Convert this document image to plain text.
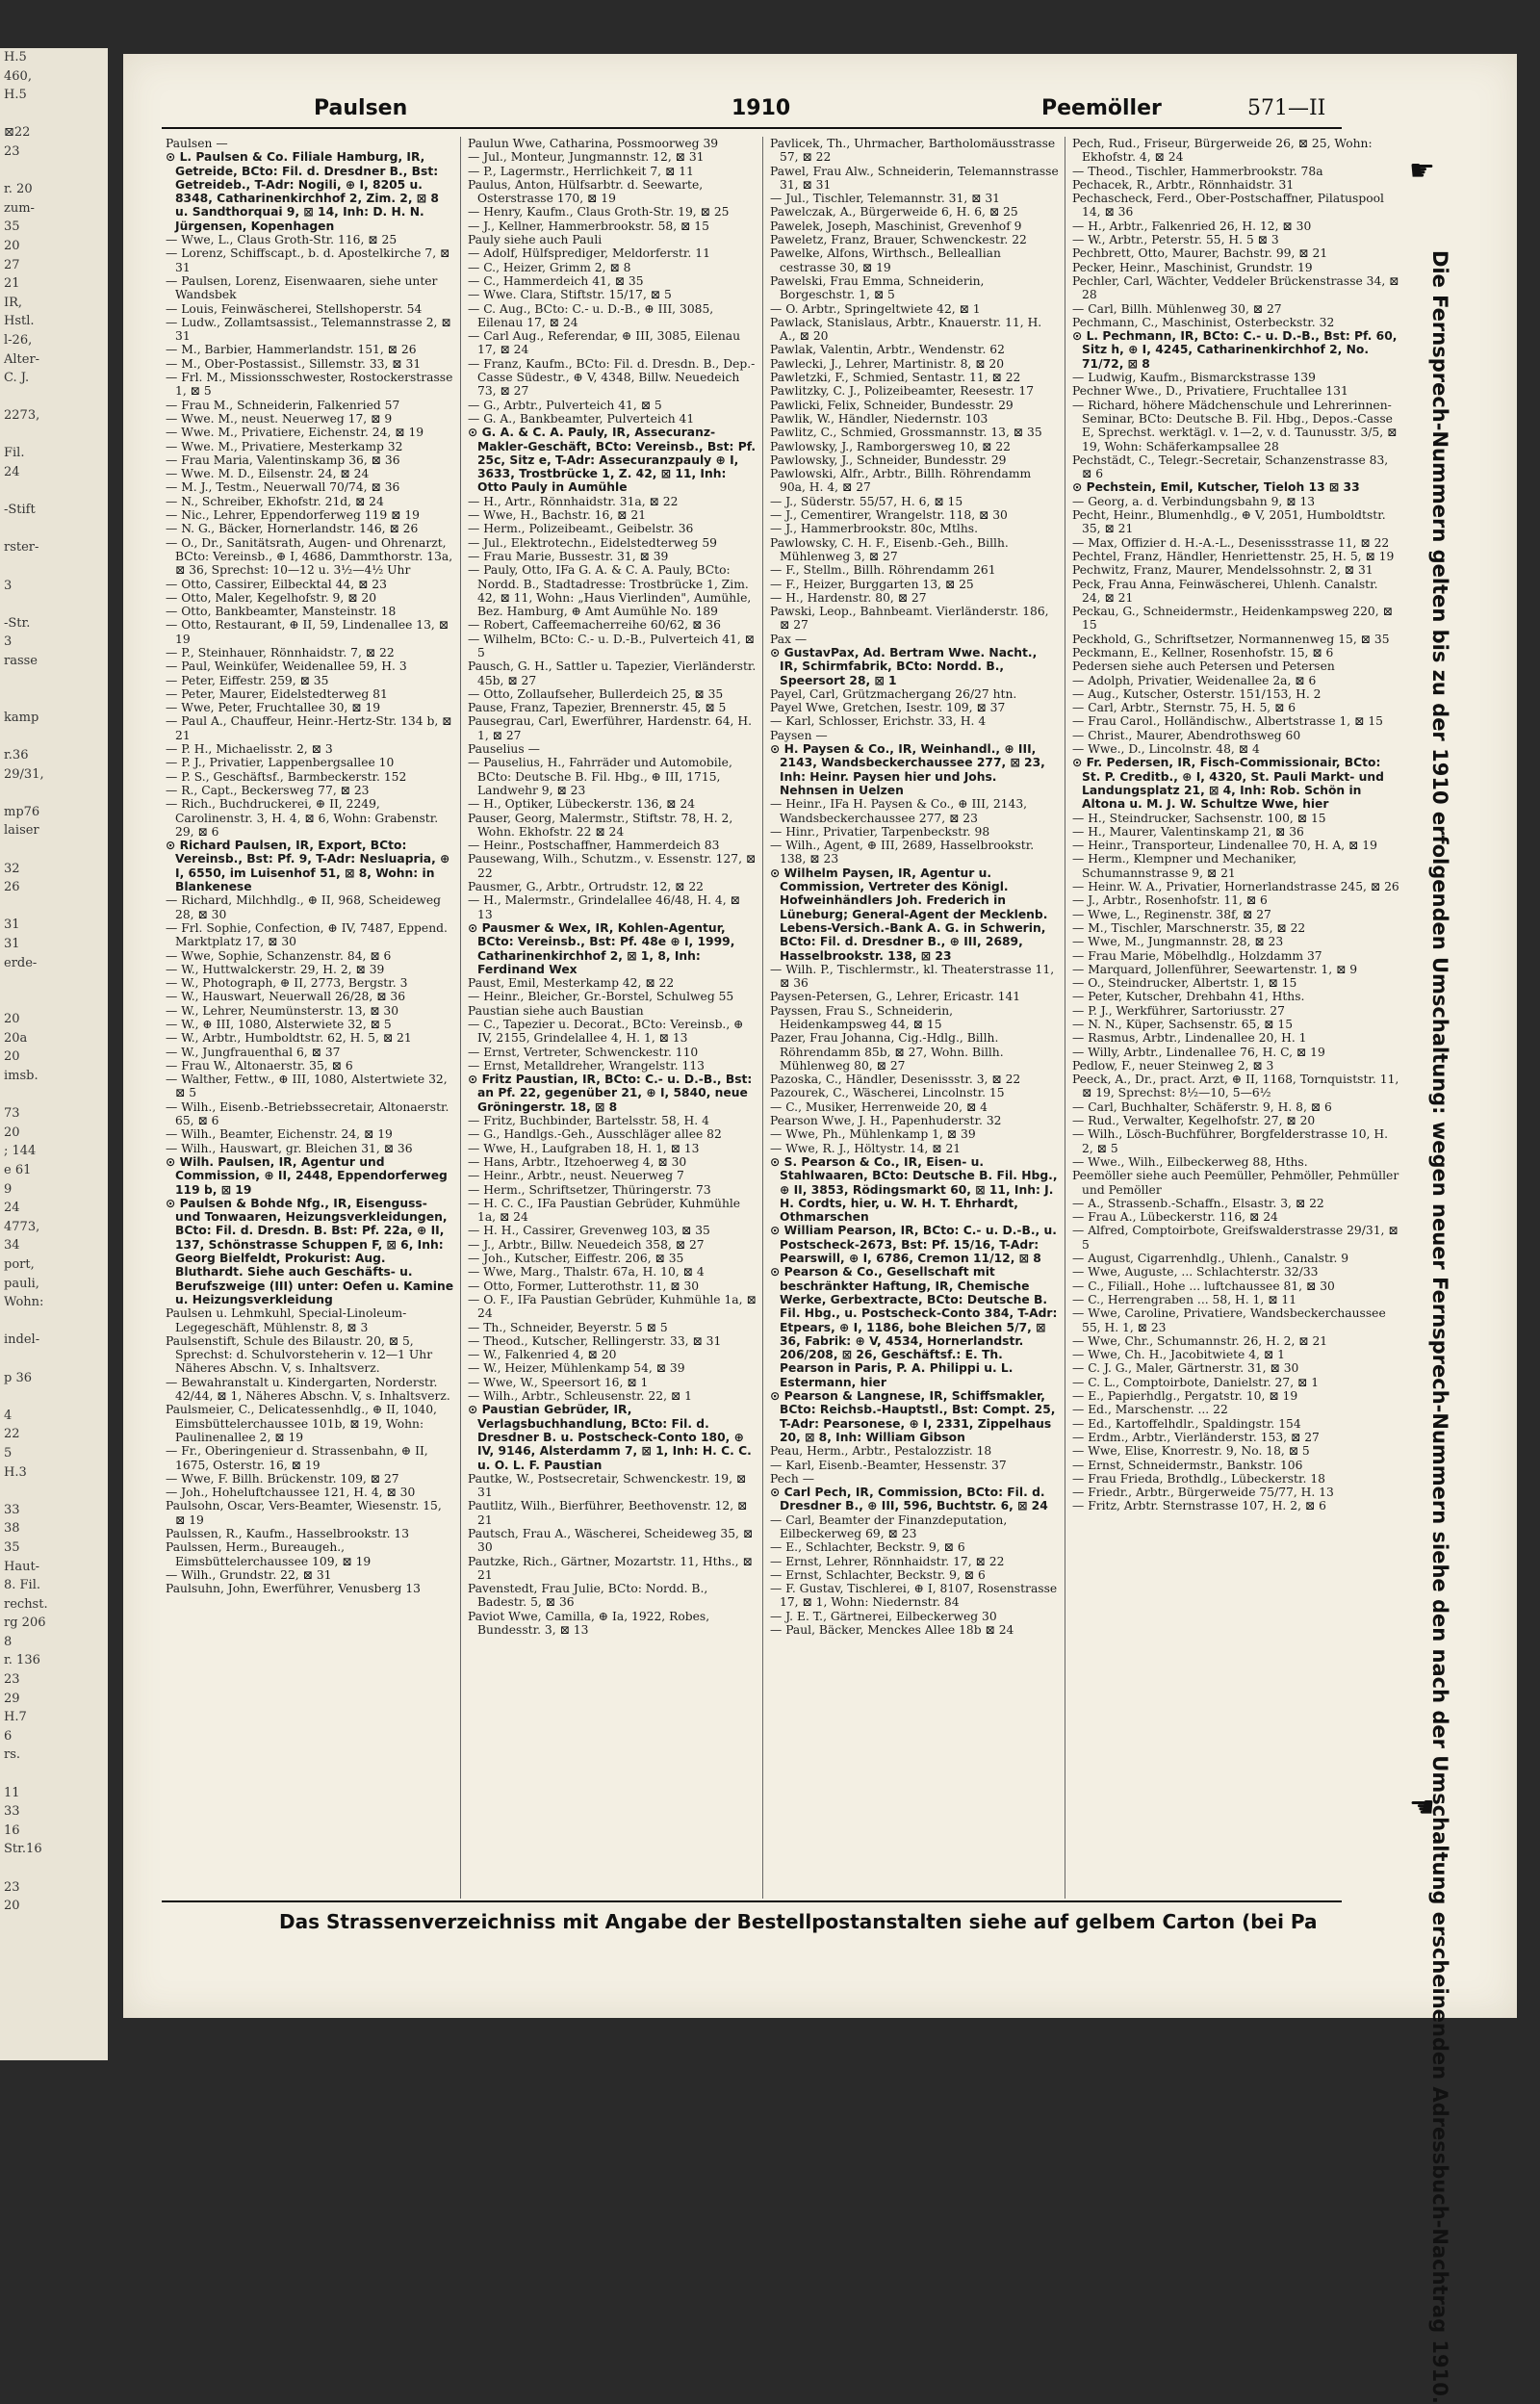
H.5
460,
H.5

⊠22
23

r. 20
zum-
35
20
27
21
IR,
Hstl.
l-26,
Alter-
C. J.

2273,

Fil.
24

-Stift

rster-

3

-Str.
3
rasse

kamp

r.36
29/31,

mp76
laiser

32
26

31
31
erde-

20
20a
20
imsb.

73
20
; 144
e 61
9
24
4773,
34
port,
pauli,
Wohn:

indel-

p 36

4
22
5
H.3

33
38
35
Haut-
8. Fil.
rechst.
rg 206
8
r. 136
23
29
H.7
6
rs.

11
33
16
Str.16

23
20
Paulsen	1910	Peemöller	571—II

Paulsen —

⊙ L. Paulsen & Co. Filiale Hamburg, IR, Getreide, BCto: Fil. d. Dresdner B., Bst: Getreideb., T-Adr: Nogili, ⊕ I, 8205 u. 8348, Catharinenkirchhof 2, Zim. 2, ⊠ 8 u. Sandthorquai 9, ⊠ 14, Inh: D. H. N. Jürgensen, Kopenhagen

— Wwe, L., Claus Groth-Str. 116, ⊠ 25

— Lorenz, Schiffscapt., b. d. Apostelkirche 7, ⊠ 31

— Paulsen, Lorenz, Eisenwaaren, siehe unter Wandsbek

— Louis, Feinwäscherei, Stellshoperstr. 54

— Ludw., Zollamtsassist., Telemannstrasse 2, ⊠ 31

— M., Barbier, Hammerlandstr. 151, ⊠ 26

— M., Ober-Postassist., Sillemstr. 33, ⊠ 31

— Frl. M., Missionsschwester, Rostockerstrasse 1, ⊠ 5

— Frau M., Schneiderin, Falkenried 57

— Wwe. M., neust. Neuerweg 17, ⊠ 9

— Wwe. M., Privatiere, Eichenstr. 24, ⊠ 19

— Wwe. M., Privatiere, Mesterkamp 32

— Frau Maria, Valentinskamp 36, ⊠ 36

— Wwe. M. D., Eilsenstr. 24, ⊠ 24

— M. J., Testm., Neuerwall 70/74, ⊠ 36

— N., Schreiber, Ekhofstr. 21d, ⊠ 24

— Nic., Lehrer, Eppendorferweg 119 ⊠ 19

— N. G., Bäcker, Hornerlandstr. 146, ⊠ 26

— O., Dr., Sanitätsrath, Augen- und Ohrenarzt, BCto: Vereinsb., ⊕ I, 4686, Dammthorstr. 13a, ⊠ 36, Sprechst: 10—12 u. 3½—4½ Uhr

— Otto, Cassirer, Eilbecktal 44, ⊠ 23

— Otto, Maler, Kegelhofstr. 9, ⊠ 20

— Otto, Bankbeamter, Mansteinstr. 18

— Otto, Restaurant, ⊕ II, 59, Lindenallee 13, ⊠ 19

— P., Steinhauer, Rönnhaidstr. 7, ⊠ 22

— Paul, Weinküfer, Weidenallee 59, H. 3

— Peter, Eiffestr. 259, ⊠ 35

— Peter, Maurer, Eidelstedterweg 81

— Wwe, Peter, Fruchtallee 30, ⊠ 19

— Paul A., Chauffeur, Heinr.-Hertz-Str. 134 b, ⊠ 21

— P. H., Michaelisstr. 2, ⊠ 3

— P. J., Privatier, Lappenbergsallee 10

— P. S., Geschäftsf., Barmbeckerstr. 152

— R., Capt., Beckersweg 77, ⊠ 23

— Rich., Buchdruckerei, ⊕ II, 2249, Carolinenstr. 3, H. 4, ⊠ 6, Wohn: Grabenstr. 29, ⊠ 6

⊙ Richard Paulsen, IR, Export, BCto: Vereinsb., Bst: Pf. 9, T-Adr: Nesluapria, ⊕ I, 6550, im Luisenhof 51, ⊠ 8, Wohn: in Blankenese

— Richard, Milchhdlg., ⊕ II, 968, Scheideweg 28, ⊠ 30

— Frl. Sophie, Confection, ⊕ IV, 7487, Eppend. Marktplatz 17, ⊠ 30

— Wwe, Sophie, Schanzenstr. 84, ⊠ 6

— W., Huttwalckerstr. 29, H. 2, ⊠ 39

— W., Photograph, ⊕ II, 2773, Bergstr. 3

— W., Hauswart, Neuerwall 26/28, ⊠ 36

— W., Lehrer, Neumünsterstr. 13, ⊠ 30

— W., ⊕ III, 1080, Alsterwiete 32, ⊠ 5

— W., Arbtr., Humboldtstr. 62, H. 5, ⊠ 21

— W., Jungfrauenthal 6, ⊠ 37

— Frau W., Altonaerstr. 35, ⊠ 6

— Walther, Fettw., ⊕ III, 1080, Alstertwiete 32, ⊠ 5

— Wilh., Eisenb.-Betriebssecretair, Altonaerstr. 65, ⊠ 6

— Wilh., Beamter, Eichenstr. 24, ⊠ 19

— Wilh., Hauswart, gr. Bleichen 31, ⊠ 36

⊙ Wilh. Paulsen, IR, Agentur und Commission, ⊕ II, 2448, Eppendorferweg 119 b, ⊠ 19

⊙ Paulsen & Bohde Nfg., IR, Eisenguss- und Tonwaaren, Heizungsverkleidungen, BCto: Fil. d. Dresdn. B. Bst: Pf. 22a, ⊕ II, 137, Schönstrasse Schuppen F, ⊠ 6, Inh: Georg Bielfeldt, Prokurist: Aug. Bluthardt. Siehe auch Geschäfts- u. Berufszweige (III) unter: Oefen u. Kamine u. Heizungsverkleidung

Paulsen u. Lehmkuhl, Special-Linoleum-Legegeschäft, Mühlenstr. 8, ⊠ 3

Paulsenstift, Schule des Bilaustr. 20, ⊠ 5, Sprechst: d. Schulvorsteherin v. 12—1 Uhr Näheres Abschn. V, s. Inhaltsverz.

— Bewahranstalt u. Kindergarten, Norderstr. 42/44, ⊠ 1, Näheres Abschn. V, s. Inhaltsverz.

Paulsmeier, C., Delicatessenhdlg., ⊕ II, 1040, Eimsbüttelerchaussee 101b, ⊠ 19, Wohn: Paulinenallee 2, ⊠ 19

— Fr., Oberingenieur d. Strassenbahn, ⊕ II, 1675, Osterstr. 16, ⊠ 19

— Wwe, F. Billh. Brückenstr. 109, ⊠ 27

— Joh., Hoheluftchaussee 121, H. 4, ⊠ 30

Paulsohn, Oscar, Vers-Beamter, Wiesenstr. 15, ⊠ 19

Paulssen, R., Kaufm., Hasselbrookstr. 13

Paulssen, Herm., Bureaugeh., Eimsbüttelerchaussee 109, ⊠ 19

— Wilh., Grundstr. 22, ⊠ 31

Paulsuhn, John, Ewerführer, Venusberg 13

Paulun Wwe, Catharina, Possmoorweg 39

— Jul., Monteur, Jungmannstr. 12, ⊠ 31

— P., Lagermstr., Herrlichkeit 7, ⊠ 11

Paulus, Anton, Hülfsarbtr. d. Seewarte, Osterstrasse 170, ⊠ 19

— Henry, Kaufm., Claus Groth-Str. 19, ⊠ 25

— J., Kellner, Hammerbrookstr. 58, ⊠ 15

Pauly siehe auch Pauli

— Adolf, Hülfsprediger, Meldorferstr. 11

— C., Heizer, Grimm 2, ⊠ 8

— C., Hammerdeich 41, ⊠ 35

— Wwe. Clara, Stiftstr. 15/17, ⊠ 5

— C. Aug., BCto: C.- u. D.-B., ⊕ III, 3085, Eilenau 17, ⊠ 24

— Carl Aug., Referendar, ⊕ III, 3085, Eilenau 17, ⊠ 24

— Franz, Kaufm., BCto: Fil. d. Dresdn. B., Dep.-Casse Südestr., ⊕ V, 4348, Billw. Neuedeich 73, ⊠ 27

— G., Arbtr., Pulverteich 41, ⊠ 5

— G. A., Bankbeamter, Pulverteich 41

⊙ G. A. & C. A. Pauly, IR, Assecuranz-Makler-Geschäft, BCto: Vereinsb., Bst: Pf. 25c, Sitz e, T-Adr: Assecuranzpauly ⊕ I, 3633, Trostbrücke 1, Z. 42, ⊠ 11, Inh: Otto Pauly in Aumühle

— H., Artr., Rönnhaidstr. 31a, ⊠ 22

— Wwe, H., Bachstr. 16, ⊠ 21

— Herm., Polizeibeamt., Geibelstr. 36

— Jul., Elektrotechn., Eidelstedterweg 59

— Frau Marie, Bussestr. 31, ⊠ 39

— Pauly, Otto, IFa G. A. & C. A. Pauly, BCto: Nordd. B., Stadtadresse: Trostbrücke 1, Zim. 42, ⊠ 11, Wohn: „Haus Vierlinden", Aumühle, Bez. Hamburg, ⊕ Amt Aumühle No. 189

— Robert, Caffeemacherreihe 60/62, ⊠ 36

— Wilhelm, BCto: C.- u. D.-B., Pulverteich 41, ⊠ 5

Pausch, G. H., Sattler u. Tapezier, Vierländerstr. 45b, ⊠ 27

— Otto, Zollaufseher, Bullerdeich 25, ⊠ 35

Pause, Franz, Tapezier, Brennerstr. 45, ⊠ 5

Pausegrau, Carl, Ewerführer, Hardenstr. 64, H. 1, ⊠ 27

Pauselius —

— Pauselius, H., Fahrräder und Automobile, BCto: Deutsche B. Fil. Hbg., ⊕ III, 1715, Landwehr 9, ⊠ 23

— H., Optiker, Lübeckerstr. 136, ⊠ 24

Pauser, Georg, Malermstr., Stiftstr. 78, H. 2, Wohn. Ekhofstr. 22 ⊠ 24

— Heinr., Postschaffner, Hammerdeich 83

Pausewang, Wilh., Schutzm., v. Essenstr. 127, ⊠ 22

Pausmer, G., Arbtr., Ortrudstr. 12, ⊠ 22

— H., Malermstr., Grindelallee 46/48, H. 4, ⊠ 13

⊙ Pausmer & Wex, IR, Kohlen-Agentur, BCto: Vereinsb., Bst: Pf. 48e ⊕ I, 1999, Catharinenkirchhof 2, ⊠ 1, 8, Inh: Ferdinand Wex

Paust, Emil, Mesterkamp 42, ⊠ 22

— Heinr., Bleicher, Gr.-Borstel, Schulweg 55

Paustian siehe auch Baustian

— C., Tapezier u. Decorat., BCto: Vereinsb., ⊕ IV, 2155, Grindelallee 4, H. 1, ⊠ 13

— Ernst, Vertreter, Schwenckestr. 110

— Ernst, Metalldreher, Wrangelstr. 113

⊙ Fritz Paustian, IR, BCto: C.- u. D.-B., Bst: an Pf. 22, gegenüber 21, ⊕ I, 5840, neue Gröningerstr. 18, ⊠ 8

— Fritz, Buchbinder, Bartelsstr. 58, H. 4

— G., Handlgs.-Geh., Ausschläger allee 82

— Wwe, H., Laufgraben 18, H. 1, ⊠ 13

— Hans, Arbtr., Itzehoerweg 4, ⊠ 30

— Heinr., Arbtr., neust. Neuerweg 7

— Herm., Schriftsetzer, Thüringerstr. 73

— H. C. C., IFa Paustian Gebrüder, Kuhmühle 1a, ⊠ 24

— H. H., Cassirer, Grevenweg 103, ⊠ 35

— J., Arbtr., Billw. Neuedeich 358, ⊠ 27

— Joh., Kutscher, Eiffestr. 206, ⊠ 35

— Wwe, Marg., Thalstr. 67a, H. 10, ⊠ 4

— Otto, Former, Lutterothstr. 11, ⊠ 30

— O. F., IFa Paustian Gebrüder, Kuhmühle 1a, ⊠ 24

— Th., Schneider, Beyerstr. 5 ⊠ 5

— Theod., Kutscher, Rellingerstr. 33, ⊠ 31

— W., Falkenried 4, ⊠ 20

— W., Heizer, Mühlenkamp 54, ⊠ 39

— Wwe, W., Speersort 16, ⊠ 1

— Wilh., Arbtr., Schleusenstr. 22, ⊠ 1

⊙ Paustian Gebrüder, IR, Verlagsbuchhandlung, BCto: Fil. d. Dresdner B. u. Postscheck-Conto 180, ⊕ IV, 9146, Alsterdamm 7, ⊠ 1, Inh: H. C. C. u. O. L. F. Paustian

Pautke, W., Postsecretair, Schwenckestr. 19, ⊠ 31

Pautlitz, Wilh., Bierführer, Beethovenstr. 12, ⊠ 21

Pautsch, Frau A., Wäscherei, Scheideweg 35, ⊠ 30

Pautzke, Rich., Gärtner, Mozartstr. 11, Hths., ⊠ 21

Pavenstedt, Frau Julie, BCto: Nordd. B., Badestr. 5, ⊠ 36

Paviot Wwe, Camilla, ⊕ Ia, 1922, Robes, Bundesstr. 3, ⊠ 13

Pavlicek, Th., Uhrmacher, Bartholomäusstrasse 57, ⊠ 22

Pawel, Frau Alw., Schneiderin, Telemannstrasse 31, ⊠ 31

— Jul., Tischler, Telemannstr. 31, ⊠ 31

Pawelczak, A., Bürgerweide 6, H. 6, ⊠ 25

Pawelek, Joseph, Maschinist, Grevenhof 9

Paweletz, Franz, Brauer, Schwenckestr. 22

Pawelke, Alfons, Wirthsch., Belleallian cestrasse 30, ⊠ 19

Pawelski, Frau Emma, Schneiderin, Borgeschstr. 1, ⊠ 5

— O. Arbtr., Springeltwiete 42, ⊠ 1

Pawlack, Stanislaus, Arbtr., Knauerstr. 11, H. A., ⊠ 20

Pawlak, Valentin, Arbtr., Wendenstr. 62

Pawlecki, J., Lehrer, Martinistr. 8, ⊠ 20

Pawletzki, F., Schmied, Sentastr. 11, ⊠ 22

Pawlitzky, C. J., Polizeibeamter, Reesestr. 17

Pawlicki, Felix, Schneider, Bundesstr. 29

Pawlik, W., Händler, Niedernstr. 103

Pawlitz, C., Schmied, Grossmannstr. 13, ⊠ 35

Pawlowsky, J., Ramborgersweg 10, ⊠ 22

Pawlowsky, J., Schneider, Bundesstr. 29

Pawlowski, Alfr., Arbtr., Billh. Röhrendamm 90a, H. 4, ⊠ 27

— J., Süderstr. 55/57, H. 6, ⊠ 15

— J., Cementirer, Wrangelstr. 118, ⊠ 30

— J., Hammerbrookstr. 80c, Mtlhs.

Pawlowsky, C. H. F., Eisenb.-Geh., Billh. Mühlenweg 3, ⊠ 27

— F., Stellm., Billh. Röhrendamm 261

— F., Heizer, Burggarten 13, ⊠ 25

— H., Hardenstr. 80, ⊠ 27

Pawski, Leop., Bahnbeamt. Vierländerstr. 186, ⊠ 27

Pax —

⊙ GustavPax, Ad. Bertram Wwe. Nacht., IR, Schirmfabrik, BCto: Nordd. B., Speersort 28, ⊠ 1

Payel, Carl, Grützmachergang 26/27 htn.

Payel Wwe, Gretchen, Isestr. 109, ⊠ 37

— Karl, Schlosser, Erichstr. 33, H. 4

Paysen —

⊙ H. Paysen & Co., IR, Weinhandl., ⊕ III, 2143, Wandsbeckerchaussee 277, ⊠ 23, Inh: Heinr. Paysen hier und Johs. Nehnsen in Uelzen

— Heinr., IFa H. Paysen & Co., ⊕ III, 2143, Wandsbeckerchaussee 277, ⊠ 23

— Hinr., Privatier, Tarpenbeckstr. 98

— Wilh., Agent, ⊕ III, 2689, Hasselbrookstr. 138, ⊠ 23

⊙ Wilhelm Paysen, IR, Agentur u. Commission, Vertreter des Königl. Hofweinhändlers Joh. Frederich in Lüneburg; General-Agent der Mecklenb. Lebens-Versich.-Bank A. G. in Schwerin, BCto: Fil. d. Dresdner B., ⊕ III, 2689, Hasselbrookstr. 138, ⊠ 23

— Wilh. P., Tischlermstr., kl. Theaterstrasse 11, ⊠ 36

Paysen-Petersen, G., Lehrer, Ericastr. 141

Payssen, Frau S., Schneiderin, Heidenkampsweg 44, ⊠ 15

Pazer, Frau Johanna, Cig.-Hdlg., Billh. Röhrendamm 85b, ⊠ 27, Wohn. Billh. Mühlenweg 80, ⊠ 27

Pazoska, C., Händler, Desenissstr. 3, ⊠ 22

Pazourek, C., Wäscherei, Lincolnstr. 15

— C., Musiker, Herrenweide 20, ⊠ 4

Pearson Wwe, J. H., Papenhuderstr. 32

— Wwe, Ph., Mühlenkamp 1, ⊠ 39

— Wwe, R. J., Höltystr. 14, ⊠ 21

⊙ S. Pearson & Co., IR, Eisen- u. Stahlwaaren, BCto: Deutsche B. Fil. Hbg., ⊕ II, 3853, Rödingsmarkt 60, ⊠ 11, Inh: J. H. Cordts, hier, u. W. H. T. Ehrhardt, Othmarschen

⊙ William Pearson, IR, BCto: C.- u. D.-B., u. Postscheck-2673, Bst: Pf. 15/16, T-Adr: Pearswill, ⊕ I, 6786, Cremon 11/12, ⊠ 8

⊙ Pearson & Co., Gesellschaft mit beschränkter Haftung, IR, Chemische Werke, Gerbextracte, BCto: Deutsche B. Fil. Hbg., u. Postscheck-Conto 384, T-Adr: Etpears, ⊕ I, 1186, bohe Bleichen 5/7, ⊠ 36, Fabrik: ⊕ V, 4534, Hornerlandstr. 206/208, ⊠ 26, Geschäftsf.: E. Th. Pearson in Paris, P. A. Philippi u. L. Estermann, hier

⊙ Pearson & Langnese, IR, Schiffsmakler, BCto: Reichsb.-Hauptstl., Bst: Compt. 25, T-Adr: Pearsonese, ⊕ I, 2331, Zippelhaus 20, ⊠ 8, Inh: William Gibson

Peau, Herm., Arbtr., Pestalozzistr. 18

— Karl, Eisenb.-Beamter, Hessenstr. 37

Pech —

⊙ Carl Pech, IR, Commission, BCto: Fil. d. Dresdner B., ⊕ III, 596, Buchtstr. 6, ⊠ 24

— Carl, Beamter der Finanzdeputation, Eilbeckerweg 69, ⊠ 23

— E., Schlachter, Beckstr. 9, ⊠ 6

— Ernst, Lehrer, Rönnhaidstr. 17, ⊠ 22

— Ernst, Schlachter, Beckstr. 9, ⊠ 6

— F. Gustav, Tischlerei, ⊕ I, 8107, Rosenstrasse 17, ⊠ 1, Wohn: Niedernstr. 84

— J. E. T., Gärtnerei, Eilbeckerweg 30

— Paul, Bäcker, Menckes Allee 18b ⊠ 24

Pech, Rud., Friseur, Bürgerweide 26, ⊠ 25, Wohn: Ekhofstr. 4, ⊠ 24

— Theod., Tischler, Hammerbrookstr. 78a

Pechacek, R., Arbtr., Rönnhaidstr. 31

Pechascheck, Ferd., Ober-Postschaffner, Pilatuspool 14, ⊠ 36

— H., Arbtr., Falkenried 26, H. 12, ⊠ 30

— W., Arbtr., Peterstr. 55, H. 5 ⊠ 3

Pechbrett, Otto, Maurer, Bachstr. 99, ⊠ 21

Pecker, Heinr., Maschinist, Grundstr. 19

Pechler, Carl, Wächter, Veddeler Brückenstrasse 34, ⊠ 28

— Carl, Billh. Mühlenweg 30, ⊠ 27

Pechmann, C., Maschinist, Osterbeckstr. 32

⊙ L. Pechmann, IR, BCto: C.- u. D.-B., Bst: Pf. 60, Sitz h, ⊕ I, 4245, Catharinenkirchhof 2, No. 71/72, ⊠ 8

— Ludwig, Kaufm., Bismarckstrasse 139

Pechner Wwe., D., Privatiere, Fruchtallee 131

— Richard, höhere Mädchenschule und Lehrerinnen-Seminar, BCto: Deutsche B. Fil. Hbg., Depos.-Casse E, Sprechst. werktägl. v. 1—2, v. d. Taunusstr. 3/5, ⊠ 19, Wohn: Schäferkampsallee 28

Pechstädt, C., Telegr.-Secretair, Schanzenstrasse 83, ⊠ 6

⊙ Pechstein, Emil, Kutscher, Tieloh 13 ⊠ 33

— Georg, a. d. Verbindungsbahn 9, ⊠ 13

Pecht, Heinr., Blumenhdlg., ⊕ V, 2051, Humboldtstr. 35, ⊠ 21

— Max, Offizier d. H.-A.-L., Desenissstrasse 11, ⊠ 22

Pechtel, Franz, Händler, Henriettenstr. 25, H. 5, ⊠ 19

Pechwitz, Franz, Maurer, Mendelssohnstr. 2, ⊠ 31

Peck, Frau Anna, Feinwäscherei, Uhlenh. Canalstr. 24, ⊠ 21

Peckau, G., Schneidermstr., Heidenkampsweg 220, ⊠ 15

Peckhold, G., Schriftsetzer, Normannenweg 15, ⊠ 35

Peckmann, E., Kellner, Rosenhofstr. 15, ⊠ 6

Pedersen siehe auch Petersen und Petersen

— Adolph, Privatier, Weidenallee 2a, ⊠ 6

— Aug., Kutscher, Osterstr. 151/153, H. 2

— Carl, Arbtr., Sternstr. 75, H. 5, ⊠ 6

— Frau Carol., Holländischw., Albertstrasse 1, ⊠ 15

— Christ., Maurer, Abendrothsweg 60

— Wwe., D., Lincolnstr. 48, ⊠ 4

⊙ Fr. Pedersen, IR, Fisch-Commissionair, BCto: St. P. Creditb., ⊕ I, 4320, St. Pauli Markt- und Landungsplatz 21, ⊠ 4, Inh: Rob. Schön in Altona u. M. J. W. Schultze Wwe, hier

— H., Steindrucker, Sachsenstr. 100, ⊠ 15

— H., Maurer, Valentinskamp 21, ⊠ 36

— Heinr., Transporteur, Lindenallee 70, H. A, ⊠ 19

— Herm., Klempner und Mechaniker, Schumannstrasse 9, ⊠ 21

— Heinr. W. A., Privatier, Hornerlandstrasse 245, ⊠ 26

— J., Arbtr., Rosenhofstr. 11, ⊠ 6

— Wwe, L., Reginenstr. 38f, ⊠ 27

— M., Tischler, Marschnerstr. 35, ⊠ 22

— Wwe, M., Jungmannstr. 28, ⊠ 23

— Frau Marie, Möbelhdlg., Holzdamm 37

— Marquard, Jollenführer, Seewartenstr. 1, ⊠ 9

— O., Steindrucker, Albertstr. 1, ⊠ 15

— Peter, Kutscher, Drehbahn 41, Hths.

— P. J., Werkführer, Sartoriusstr. 27

— N. N., Küper, Sachsenstr. 65, ⊠ 15

— Rasmus, Arbtr., Lindenallee 20, H. 1

— Willy, Arbtr., Lindenallee 76, H. C, ⊠ 19

Pedlow, F., neuer Steinweg 2, ⊠ 3

Peeck, A., Dr., pract. Arzt, ⊕ II, 1168, Tornquiststr. 11, ⊠ 19, Sprechst: 8½—10, 5—6½

— Carl, Buchhalter, Schäferstr. 9, H. 8, ⊠ 6

— Rud., Verwalter, Kegelhofstr. 27, ⊠ 20

— Wilh., Lösch-Buchführer, Borgfelderstrasse 10, H. 2, ⊠ 5

— Wwe., Wilh., Eilbeckerweg 88, Hths.

Peemöller siehe auch Peemüller, Pehmöller, Pehmüller und Pemöller

— A., Strassenb.-Schaffn., Elsastr. 3, ⊠ 22

— Frau A., Lübeckerstr. 116, ⊠ 24

— Alfred, Comptoirbote, Greifswalderstrasse 29/31, ⊠ 5

— August, Cigarrenhdlg., Uhlenh., Canalstr. 9

— Wwe, Auguste, ... Schlachterstr. 32/33

— C., Filiall., Hohe ... luftchaussee 81, ⊠ 30

— C., Herrengraben ... 58, H. 1, ⊠ 11

— Wwe, Caroline, Privatiere, Wandsbeckerchaussee 55, H. 1, ⊠ 23

— Wwe, Chr., Schumannstr. 26, H. 2, ⊠ 21

— Wwe, Ch. H., Jacobitwiete 4, ⊠ 1

— C. J. G., Maler, Gärtnerstr. 31, ⊠ 30

— C. L., Comptoirbote, Danielstr. 27, ⊠ 1

— E., Papierhdlg., Pergatstr. 10, ⊠ 19

— Ed., Marschenstr. ... 22

— Ed., Kartoffelhdlr., Spaldingstr. 154

— Erdm., Arbtr., Vierländerstr. 153, ⊠ 27

— Wwe, Elise, Knorrestr. 9, No. 18, ⊠ 5

— Ernst, Schneidermstr., Bankstr. 106

— Frau Frieda, Brothdlg., Lübeckerstr. 18

— Friedr., Arbtr., Bürgerweide 75/77, H. 13

— Fritz, Arbtr. Sternstrasse 107, H. 2, ⊠ 6

☛
Die Fernsprech-Nummern gelten bis zu der 1910 erfolgenden Umschaltung: wegen neuer Fernsprech-Nummern siehe den nach der Umschaltung erscheinenden Adressbuch-Nachtrag 1910.
☚
Das Strassenverzeichniss mit Angabe der Bestellpostanstalten siehe auf gelbem Carton (bei Pa
